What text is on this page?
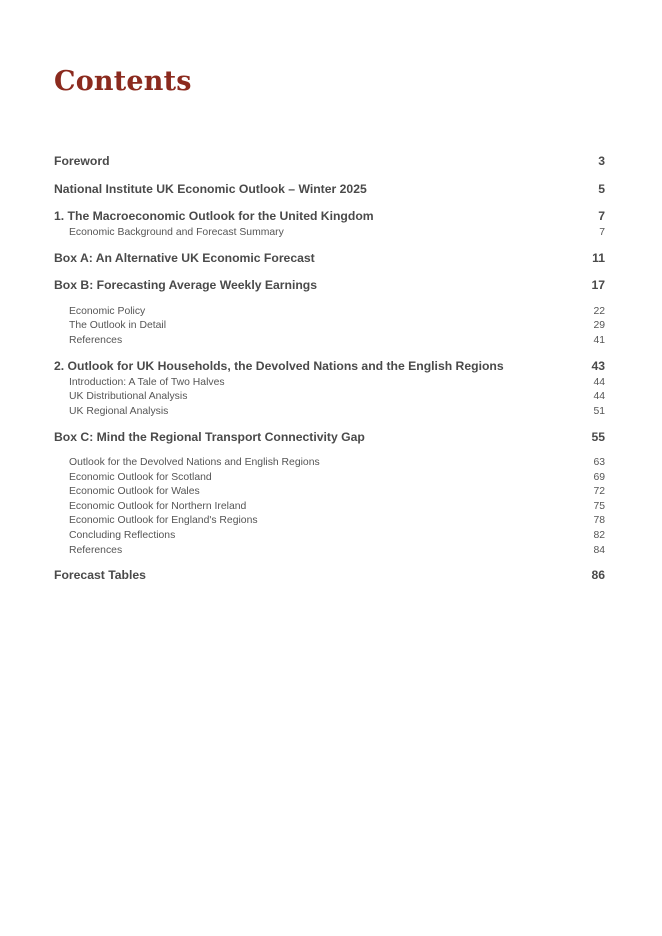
Contents
Foreword	3
National Institute UK Economic Outlook – Winter 2025	5
1. The Macroeconomic Outlook for the United Kingdom	7
Economic Background and Forecast Summary	7
Box A: An Alternative UK Economic Forecast	11
Box B: Forecasting Average Weekly Earnings	17
Economic Policy	22
The Outlook in Detail	29
References	41
2. Outlook for UK Households, the Devolved Nations and the English Regions	43
Introduction: A Tale of Two Halves	44
UK Distributional Analysis	44
UK Regional Analysis	51
Box C: Mind the Regional Transport Connectivity Gap	55
Outlook for the Devolved Nations and English Regions	63
Economic Outlook for Scotland	69
Economic Outlook for Wales	72
Economic Outlook for Northern Ireland	75
Economic Outlook for England's Regions	78
Concluding Reflections	82
References	84
Forecast Tables	86
